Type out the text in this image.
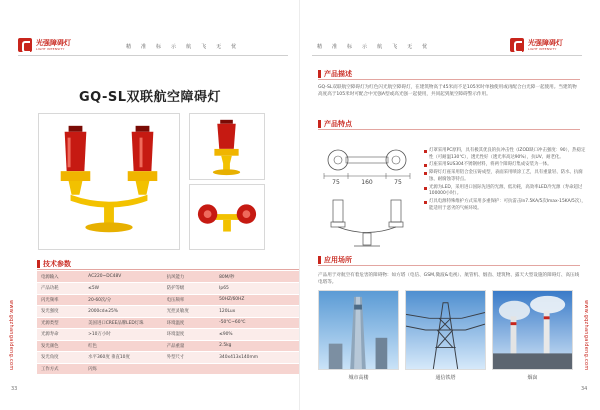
光强障碍灯
LIGHT INTENSITY	精 准 标 示 航 飞 无 忧
GQ-SL双联航空障碍灯
技术参数
电源输入	AC220~DC48V	抗风能力	80M/秒
产品功耗	≤5W	防护等级	Ip65
闪光频率	20-60次/分	电压频率	50HZ/60HZ
发光强度	2000cd±25%	光控灵敏度	120Lux
光源类型	美国进口CREE品牌LED灯珠	环境温度	-50℃~60℃
光源寿命	>10万小时	环境湿度	≤90%
发光颜色	红色	产品重量	2.5kg
发光角度	水平360度 垂直10度	外型尺寸	340x413x140mm
工作方式	闪烁		
www.gqzhangaideng.com
33
精 准 标 示 航 飞 无 忧	光强障碍灯
LIGHT INTENSITY
www.gqzhangaideng.com
34
产品描述
GQ-SL双联航空障碍灯为红色闪光航空障碍灯，在建筑物高于45米而不足105米时单独使用或再配合白光障一起使用。当建筑物高度高于105米时可配合中光强A型或高光强一起使用，共同起到航空障碍警示作用。
产品特点
75	160	75
灯罩采用PC原料，具有极其优良的抗冲击性（IZOD缺口冲击强度：90），热稳定性（可耐温130℃），透光性好（透光率高达90%），抗UV、耐老化。
灯座采用SUS304不锈钢材料，将两个障碍灯集成安装为一体。
障碍灯灯座采用铝合金压铸成型，表面采用喷涂工艺，具有重量轻、防水、抗腐蚀、耐腐蚀等特点。
光源为LED，采用进口国际先进的光源，低功耗，高效率LED冷光源（寿命超过100000小时）。
灯具电源特殊维护方式采用多重保护：可抗雷击In7.5KA/5次Imax-15KA/5次），能适用于恶劣的气候环境。
应用场所
产品用于对航空有着危害的障碍物：如方塔（电信、GSM,微波&电视）、航管机、烟囱、建筑物、露天大型设施的障碍灯、高压线电塔等。
城市高楼	通信铁塔	烟囱
